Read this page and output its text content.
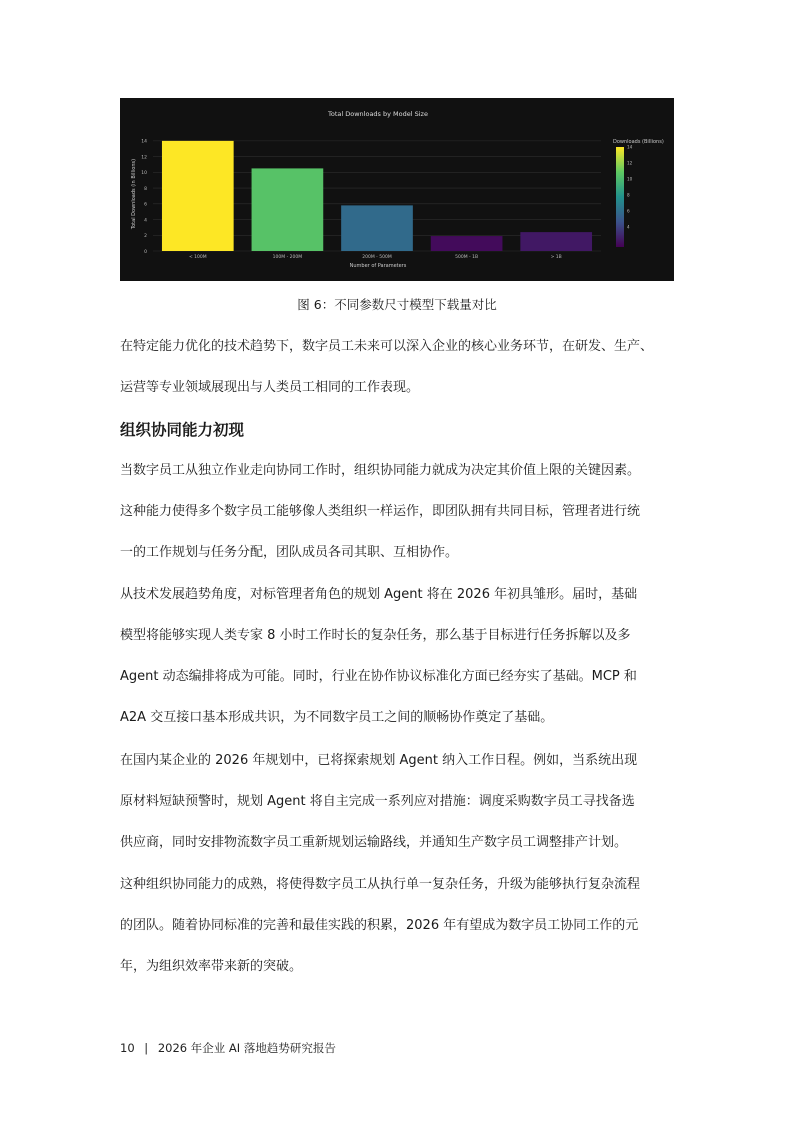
0
2
4
6
8
10
12
14
< 100M	100M - 200M	200M - 500M	500M - 1B	> 1B
Total Downloads by Model Size
Number of Parameters
Total Downloads (in Billions)
Downloads (Billions)
4
6
8
10
12
14
图 6：不同参数尺寸模型下载量对比

在特定能力优化的技术趋势下，数字员工未来可以深入企业的核心业务环节，在研发、生产、
运营等专业领域展现出与人类员工相同的工作表现。

组织协同能力初现

当数字员工从独立作业走向协同工作时，组织协同能力就成为决定其价值上限的关键因素。
这种能力使得多个数字员工能够像人类组织一样运作，即团队拥有共同目标，管理者进行统
一的工作规划与任务分配，团队成员各司其职、互相协作。

从技术发展趋势角度，对标管理者角色的规划 Agent 将在 2026 年初具雏形。届时，基础
模型将能够实现人类专家 8 小时工作时长的复杂任务，那么基于目标进行任务拆解以及多
Agent 动态编排将成为可能。同时，行业在协作协议标准化方面已经夯实了基础。MCP 和
A2A 交互接口基本形成共识，为不同数字员工之间的顺畅协作奠定了基础。

在国内某企业的 2026 年规划中，已将探索规划 Agent 纳入工作日程。例如，当系统出现
原材料短缺预警时，规划 Agent 将自主完成一系列应对措施：调度采购数字员工寻找备选
供应商，同时安排物流数字员工重新规划运输路线，并通知生产数字员工调整排产计划。

这种组织协同能力的成熟，将使得数字员工从执行单一复杂任务，升级为能够执行复杂流程
的团队。随着协同标准的完善和最佳实践的积累，2026 年有望成为数字员工协同工作的元
年，为组织效率带来新的突破。

10 | 2026 年企业 AI 落地趋势研究报告
